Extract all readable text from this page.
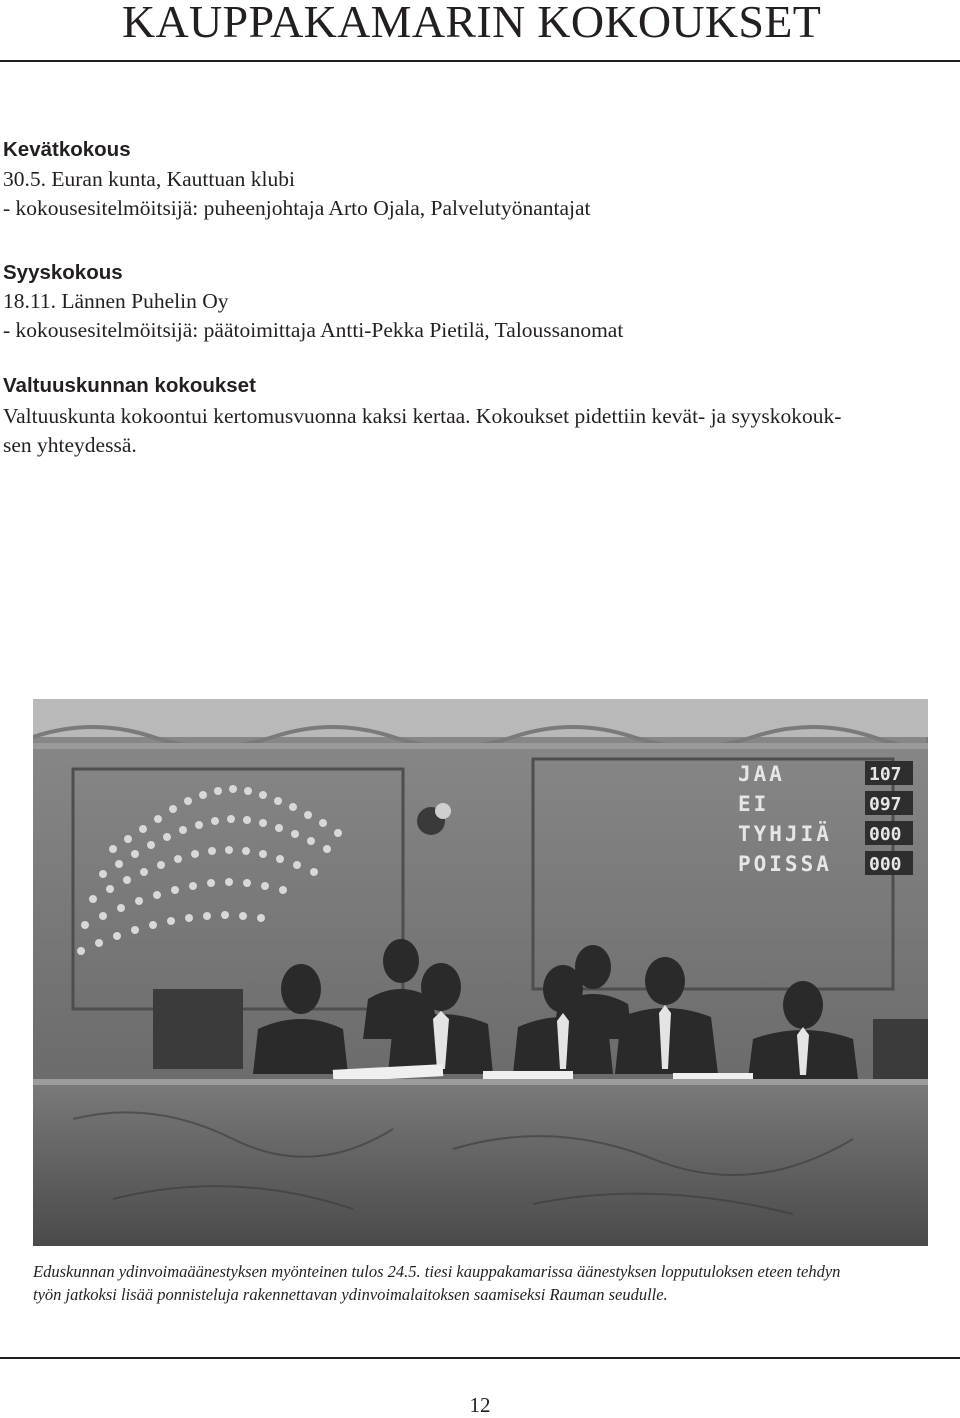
KAUPPAKAMARIN KOKOUKSET
Kevätkokous
30.5. Euran kunta, Kauttuan klubi
- kokousesitelmöitsijä: puheenjohtaja Arto Ojala, Palvelutyönantajat
Syyskokous
18.11. Lännen Puhelin Oy
- kokousesitelmöitsijä: päätoimittaja Antti-Pekka Pietilä, Taloussanomat
Valtuuskunnan kokoukset
Valtuuskunta kokoontui kertomusvuonna kaksi kertaa. Kokoukset pidettiin kevät- ja syyskokouk-
sen yhteydessä.
JAA
EI
TYHJIÄ
POISSA
107
097
000
000
Eduskunnan ydinvoimaäänestyksen myönteinen tulos 24.5. tiesi kauppakamarissa äänestyksen lopputuloksen eteen tehdyn
työn jatkoksi lisää ponnisteluja rakennettavan ydinvoimalaitoksen saamiseksi Rauman seudulle.
12
